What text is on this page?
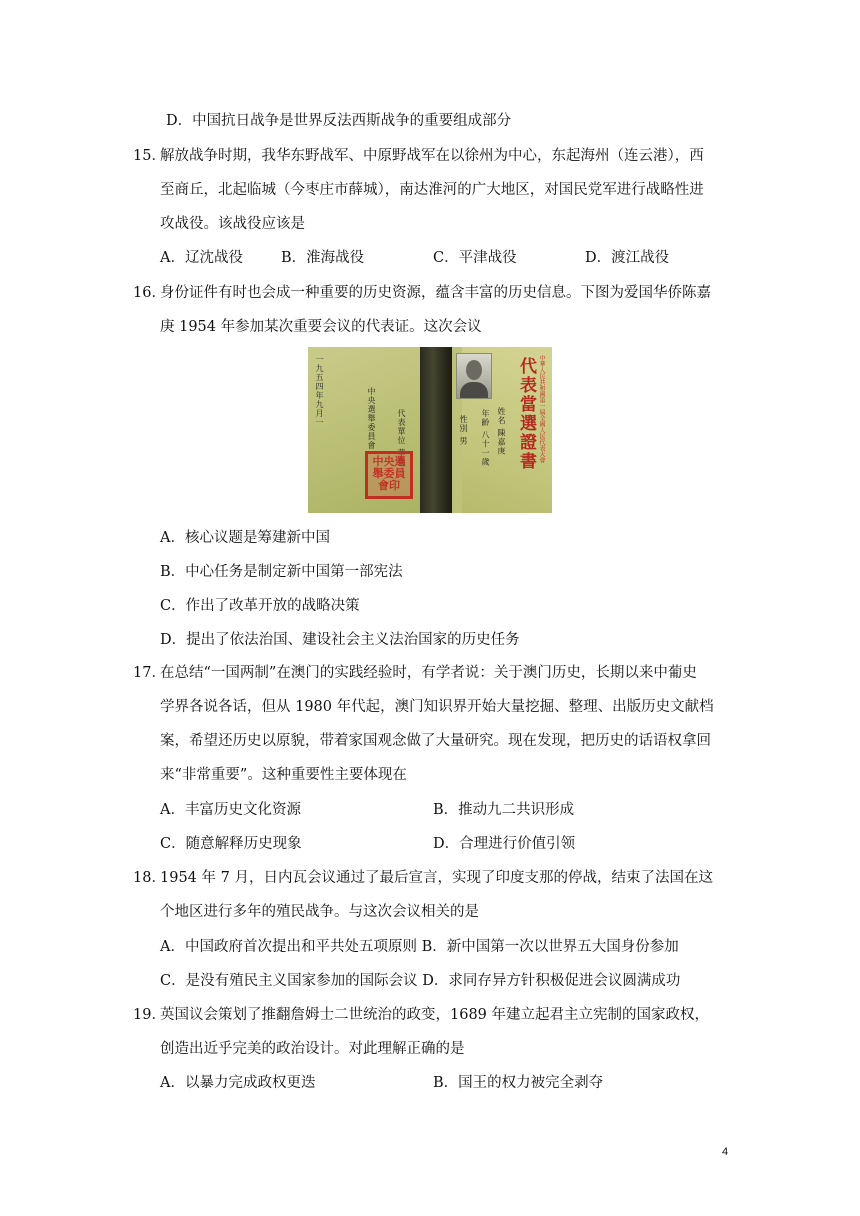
D．中国抗日战争是世界反法西斯战争的重要组成部分
解放战争时期，我华东野战军、中原野战军在以徐州为中心，东起海州（连云港），西
至商丘，北起临城（今枣庄市薛城），南达淮河的广大地区，对国民党军进行战略性进
攻战役。该战役应该是
身份证件有时也会成一种重要的历史资源，蕴含丰富的历史信息。下图为爱国华侨陈嘉
庚 1954 年参加某次重要会议的代表证。这次会议
在总结“一国两制”在澳门的实践经验时，有学者说：关于澳门历史，长期以来中葡史
学界各说各话，但从 1980 年代起，澳门知识界开始大量挖掘、整理、出版历史文献档
案，希望还历史以原貌，带着家国观念做了大量研究。现在发现，把历史的话语权拿回
来“非常重要”。这种重要性主要体现在
1954 年 7 月，日内瓦会议通过了最后宣言，实现了印度支那的停战，结束了法国在这
个地区进行多年的殖民战争。与这次会议相关的是
英国议会策划了推翻詹姆士二世统治的政变，1689 年建立起君主立宪制的国家政权，
创造出近乎完美的政治设计。对此理解正确的是
15．
16．
17．
18．
19．
A．辽沈战役	B．淮海战役	C．平津战役	D．渡江战役
A．核心议题是筹建新中国
B．中心任务是制定新中国第一部宪法
C．作出了改革开放的战略决策
D．提出了依法治国、建设社会主义法治国家的历史任务
A．丰富历史文化资源	B．推动九二共识形成
C．随意解释历史现象	D．合理进行价值引领
A．中国政府首次提出和平共处五项原则 B．新中国第一次以世界五大国身份参加
C．是没有殖民主义国家参加的国际会议 D．求同存异方针积极促进会议圆满成功
A．以暴力完成政权更迭	B．国王的权力被完全剥夺
一九五四年九月一	中央選舉委員會	代表單位 華僑	姓名 陳嘉庚
年齡 八十一歲
性別 男	代表當選證書 中華人民共和國第一屆全國人民代表大會
中央選舉委員會印
4
